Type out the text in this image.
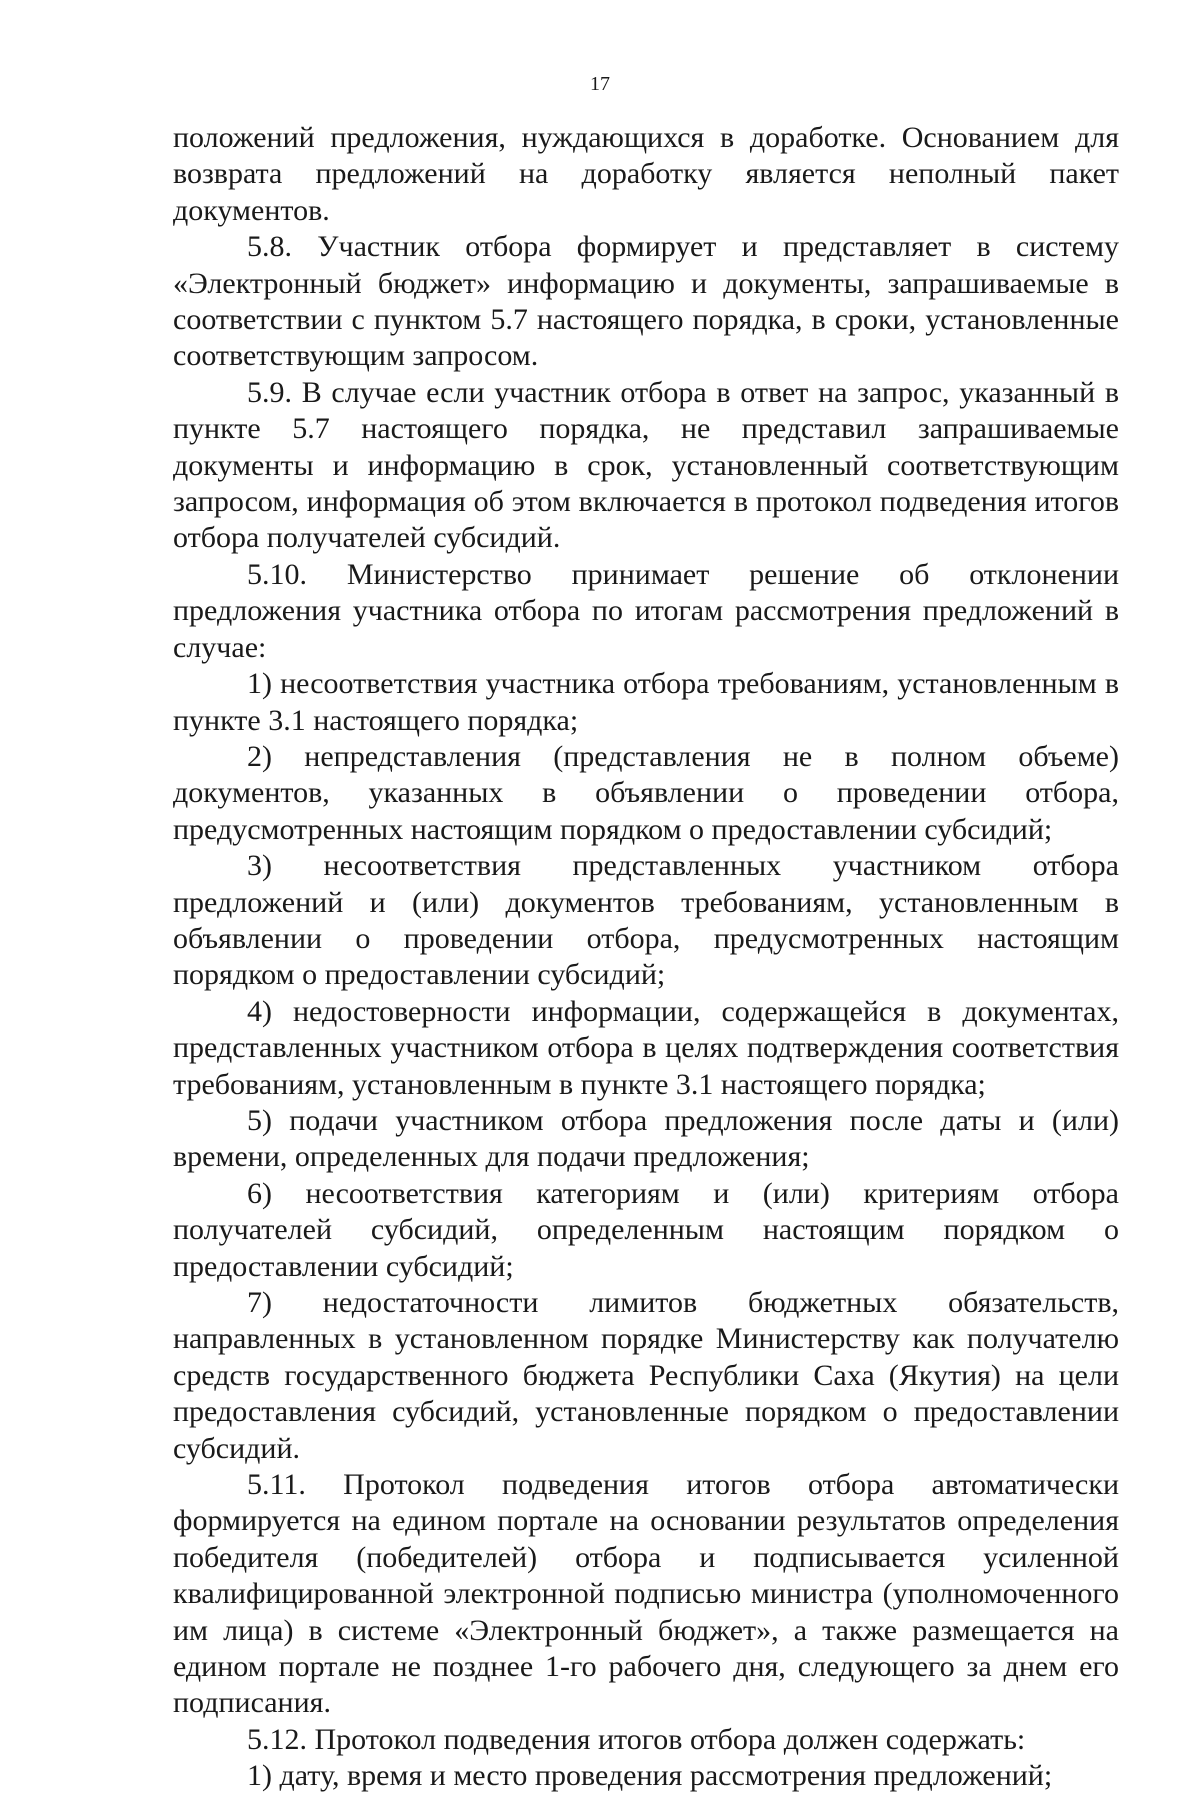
17

положений предложения, нуждающихся в доработке. Основанием для возврата предложений на доработку является неполный пакет документов.

5.8. Участник отбора формирует и представляет в систему «Электронный бюджет» информацию и документы, запрашиваемые в соответствии с пунктом 5.7 настоящего порядка, в сроки, установленные соответствующим запросом.

5.9. В случае если участник отбора в ответ на запрос, указанный в пункте 5.7 настоящего порядка, не представил запрашиваемые документы и информацию в срок, установленный соответствующим запросом, информация об этом включается в протокол подведения итогов отбора получателей субсидий.

5.10. Министерство принимает решение об отклонении предложения участника отбора по итогам рассмотрения предложений в случае:

1) несоответствия участника отбора требованиям, установленным в пункте 3.1 настоящего порядка;

2) непредставления (представления не в полном объеме) документов, указанных в объявлении о проведении отбора, предусмотренных настоящим порядком о предоставлении субсидий;

3) несоответствия представленных участником отбора предложений и (или) документов требованиям, установленным в объявлении о проведении отбора, предусмотренных настоящим порядком о предоставлении субсидий;

4) недостоверности информации, содержащейся в документах, представленных участником отбора в целях подтверждения соответствия требованиям, установленным в пункте 3.1 настоящего порядка;

5) подачи участником отбора предложения после даты и (или) времени, определенных для подачи предложения;

6) несоответствия категориям и (или) критериям отбора получателей субсидий, определенным настоящим порядком о предоставлении субсидий;

7) недостаточности лимитов бюджетных обязательств, направленных в установленном порядке Министерству как получателю средств государственного бюджета Республики Саха (Якутия) на цели предоставления субсидий, установленные порядком о предоставлении субсидий.

5.11. Протокол подведения итогов отбора автоматически формируется на едином портале на основании результатов определения победителя (победителей) отбора и подписывается усиленной квалифицированной электронной подписью министра (уполномоченного им лица) в системе «Электронный бюджет», а также размещается на едином портале не позднее 1-го рабочего дня, следующего за днем его подписания.

5.12. Протокол подведения итогов отбора должен содержать:

1) дату, время и место проведения рассмотрения предложений;
